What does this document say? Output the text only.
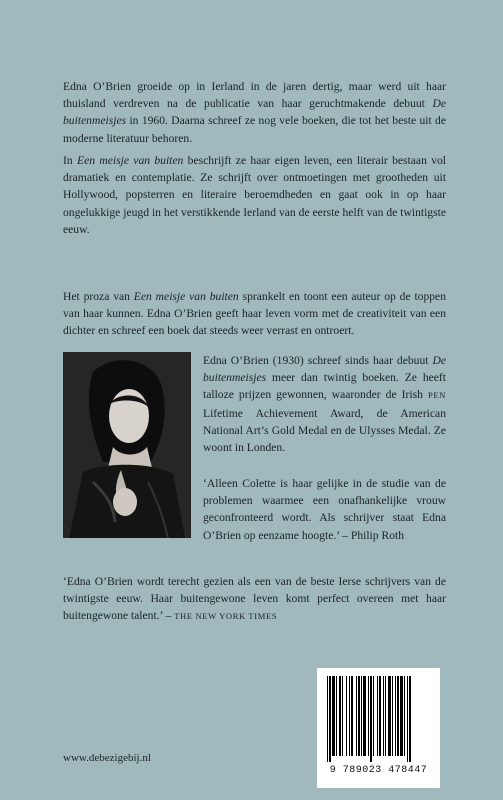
Edna O’Brien groeide op in Ierland in de jaren dertig, maar werd uit haar thuisland verdreven na de publicatie van haar geruchtmakende debuut De buitenmeisjes in 1960. Daarna schreef ze nog vele boeken, die tot het beste uit de moderne literatuur behoren.

In Een meisje van buiten beschrijft ze haar eigen leven, een literair bestaan vol dramatiek en contemplatie. Ze schrijft over ontmoetingen met grootheden uit Hollywood, popsterren en literaire beroemdheden en gaat ook in op haar ongelukkige jeugd in het verstikkende Ierland van de eerste helft van de twintigste eeuw.

Het proza van Een meisje van buiten sprankelt en toont een auteur op de toppen van haar kunnen. Edna O’Brien geeft haar leven vorm met de creativiteit van een dichter en schreef een boek dat steeds weer verrast en ontroert.

Edna O’Brien (1930) schreef sinds haar debuut De buitenmeisjes meer dan twintig boeken. Ze heeft talloze prijzen gewonnen, waaronder de Irish PEN Lifetime Achievement Award, de American National Art’s Gold Medal en de Ulysses Medal. Ze woont in Londen.

‘Alleen Colette is haar gelijke in de studie van de problemen waarmee een onafhankelijke vrouw geconfronteerd wordt. Als schrijver staat Edna O’Brien op eenzame hoogte.’ – Philip Roth

‘Edna O’Brien wordt terecht gezien als een van de beste Ierse schrijvers van de twintigste eeuw. Haar buitengewone leven komt perfect overeen met haar buitengewone talent.’ – THE NEW YORK TIMES

www.debezigebij.nl
9 789023 478447
